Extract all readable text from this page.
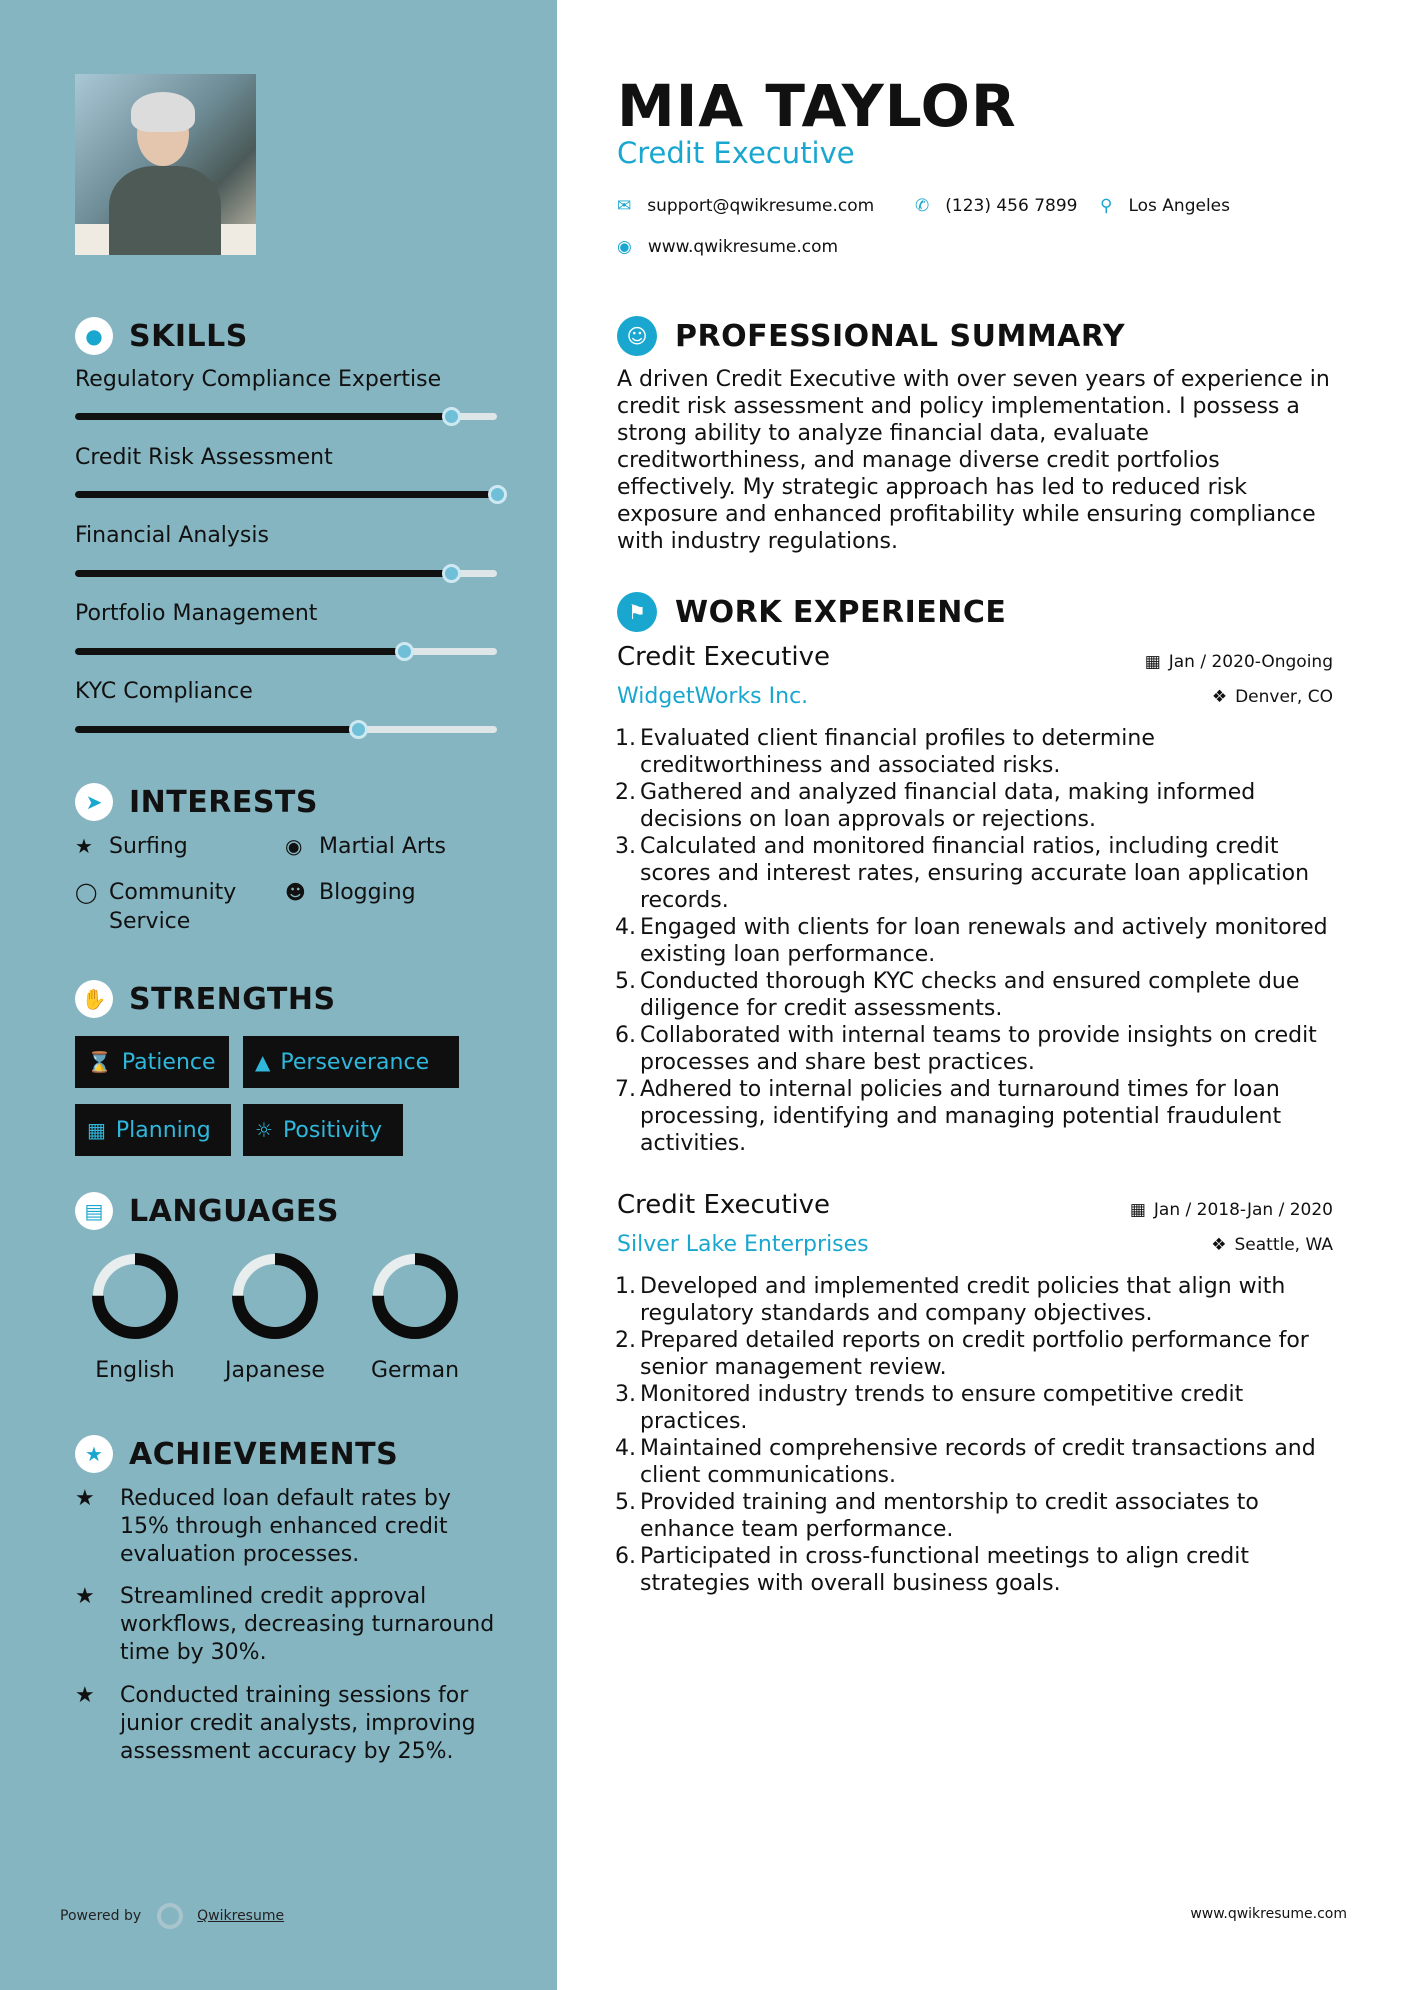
● SKILLS
Regulatory Compliance Expertise
Credit Risk Assessment
Financial Analysis
Portfolio Management
KYC Compliance
➤ INTERESTS
★ Surfing	◉ Martial Arts
◯ Community Service
☻ Blogging
✋ STRENGTHS
⌛ Patience ▲ Perseverance
▦ Planning ☼ Positivity
▤ LANGUAGES
English	Japanese	German
★ ACHIEVEMENTS
★	Reduced loan default rates by 15% through enhanced credit evaluation processes.
★	Streamlined credit approval workflows, decreasing turnaround time by 30%.
★	Conducted training sessions for junior credit analysts, improving assessment accuracy by 25%.
Powered by	Qwikresume
MIA TAYLOR
Credit Executive
✉ support@qwikresume.com ✆ (123) 456 7899 ⚲ Los Angeles
◉ www.qwikresume.com
☺ PROFESSIONAL SUMMARY
A driven Credit Executive with over seven years of experience in credit risk assessment and policy implementation. I possess a strong ability to analyze financial data, evaluate creditworthiness, and manage diverse credit portfolios effectively. My strategic approach has led to reduced risk exposure and enhanced profitability while ensuring compliance with industry regulations.
⚑ WORK EXPERIENCE
Credit Executive	▦ Jan / 2020-Ongoing
WidgetWorks Inc.	❖ Denver, CO
1. Evaluated client financial profiles to determine creditworthiness and associated risks.
2. Gathered and analyzed financial data, making informed decisions on loan approvals or rejections.
3. Calculated and monitored financial ratios, including credit scores and interest rates, ensuring accurate loan application records.
4. Engaged with clients for loan renewals and actively monitored existing loan performance.
5. Conducted thorough KYC checks and ensured complete due diligence for credit assessments.
6. Collaborated with internal teams to provide insights on credit processes and share best practices.
7. Adhered to internal policies and turnaround times for loan processing, identifying and managing potential fraudulent activities.
Credit Executive	▦ Jan / 2018-Jan / 2020
Silver Lake Enterprises	❖ Seattle, WA
1. Developed and implemented credit policies that align with regulatory standards and company objectives.
2. Prepared detailed reports on credit portfolio performance for senior management review.
3. Monitored industry trends to ensure competitive credit practices.
4. Maintained comprehensive records of credit transactions and client communications.
5. Provided training and mentorship to credit associates to enhance team performance.
6. Participated in cross-functional meetings to align credit strategies with overall business goals.
www.qwikresume.com
